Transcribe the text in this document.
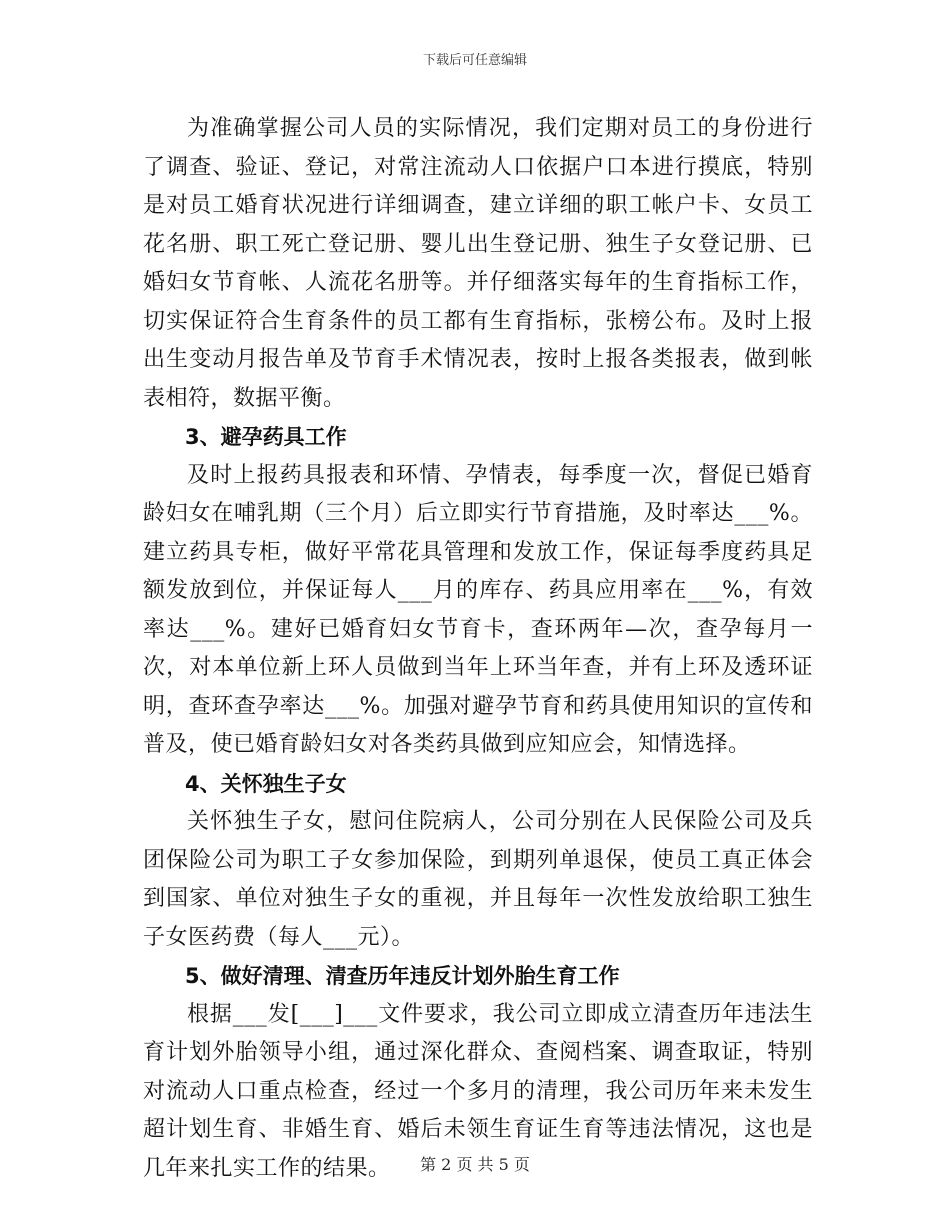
下载后可任意编辑

为准确掌握公司人员的实际情况，我们定期对员工的身份进行了调查、验证、登记，对常注流动人口依据户口本进行摸底，特别是对员工婚育状况进行详细调查，建立详细的职工帐户卡、女员工花名册、职工死亡登记册、婴儿出生登记册、独生子女登记册、已婚妇女节育帐、人流花名册等。并仔细落实每年的生育指标工作，切实保证符合生育条件的员工都有生育指标，张榜公布。及时上报出生变动月报告单及节育手术情况表，按时上报各类报表，做到帐表相符，数据平衡。

3、避孕药具工作

及时上报药具报表和环情、孕情表，每季度一次，督促已婚育龄妇女在哺乳期（三个月）后立即实行节育措施，及时率达___%。建立药具专柜，做好平常花具管理和发放工作，保证每季度药具足额发放到位，并保证每人___月的库存、药具应用率在___%，有效率达___%。建好已婚育妇女节育卡，查环两年—次，查孕每月一次，对本单位新上环人员做到当年上环当年查，并有上环及透环证明，查环查孕率达___%。加强对避孕节育和药具使用知识的宣传和普及，使已婚育龄妇女对各类药具做到应知应会，知情选择。

4、关怀独生子女

关怀独生子女，慰问住院病人，公司分别在人民保险公司及兵团保险公司为职工子女参加保险，到期列单退保，使员工真正体会到国家、单位对独生子女的重视，并且每年一次性发放给职工独生子女医药费（每人___元）。

5、做好清理、清查历年违反计划外胎生育工作

根据___发[___]___文件要求，我公司立即成立清查历年违法生育计划外胎领导小组，通过深化群众、查阅档案、调查取证，特别对流动人口重点检查，经过一个多月的清理，我公司历年来未发生超计划生育、非婚生育、婚后未领生育证生育等违法情况，这也是几年来扎实工作的结果。	第 2 页 共 5 页
